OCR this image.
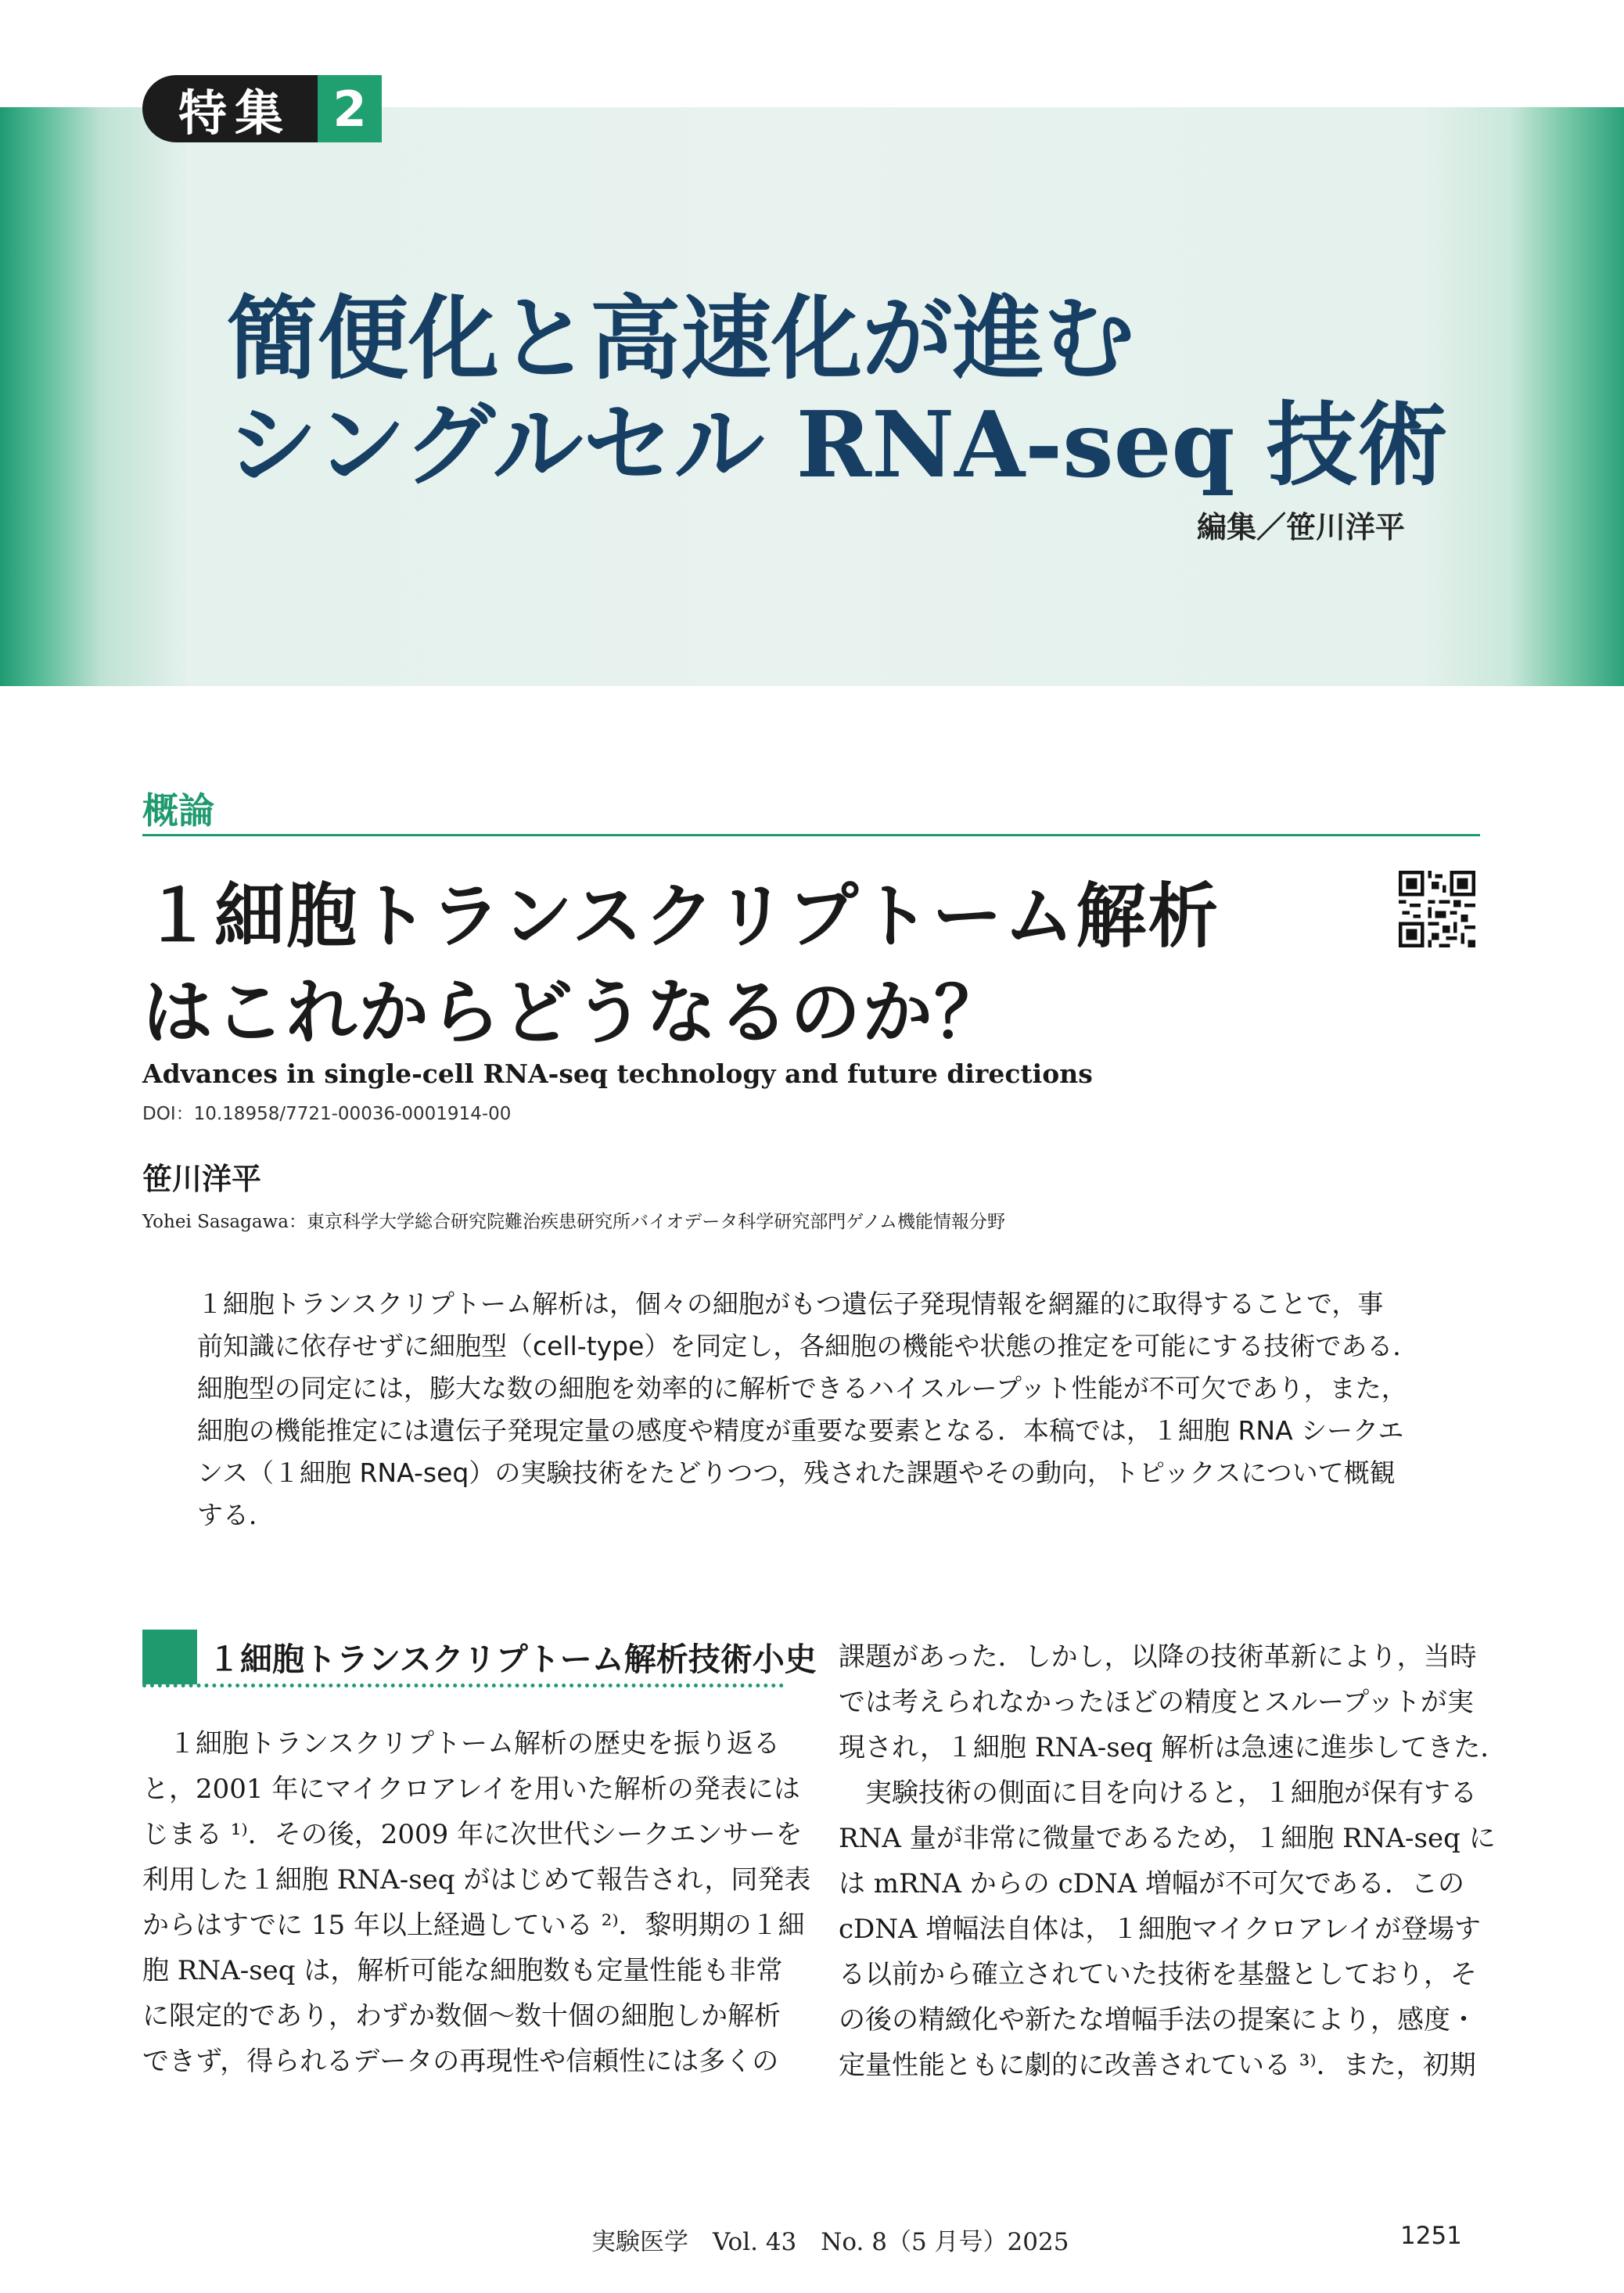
特集 2
簡便化と高速化が進む
シングルセル RNA-seq 技術
編集／笹川洋平
概論
１細胞トランスクリプトーム解析
はこれからどうなるのか？
Advances in single-cell RNA-seq technology and future directions
DOI：10.18958/7721-00036-0001914-00
笹川洋平
Yohei Sasagawa：東京科学大学総合研究院難治疾患研究所バイオデータ科学研究部門ゲノム機能情報分野
１細胞トランスクリプトーム解析は，個々の細胞がもつ遺伝子発現情報を網羅的に取得することで，事
前知識に依存せずに細胞型（cell-type）を同定し，各細胞の機能や状態の推定を可能にする技術である．
細胞型の同定には，膨大な数の細胞を効率的に解析できるハイスループット性能が不可欠であり，また，
細胞の機能推定には遺伝子発現定量の感度や精度が重要な要素となる．本稿では，１細胞 RNA シークエ
ンス（１細胞 RNA-seq）の実験技術をたどりつつ，残された課題やその動向，トピックスについて概観
する．
１細胞トランスクリプトーム解析技術小史
　１細胞トランスクリプトーム解析の歴史を振り返る
と，2001 年にマイクロアレイを用いた解析の発表には
じまる ¹⁾．その後，2009 年に次世代シークエンサーを
利用した１細胞 RNA-seq がはじめて報告され，同発表
からはすでに 15 年以上経過している ²⁾．黎明期の１細
胞 RNA-seq は，解析可能な細胞数も定量性能も非常
に限定的であり，わずか数個〜数十個の細胞しか解析
できず，得られるデータの再現性や信頼性には多くの
課題があった．しかし，以降の技術革新により，当時
では考えられなかったほどの精度とスループットが実
現され，１細胞 RNA-seq 解析は急速に進歩してきた．
　実験技術の側面に目を向けると，１細胞が保有する
RNA 量が非常に微量であるため，１細胞 RNA-seq に
は mRNA からの cDNA 増幅が不可欠である．この
cDNA 増幅法自体は，１細胞マイクロアレイが登場す
る以前から確立されていた技術を基盤としており，そ
の後の精緻化や新たな増幅手法の提案により，感度・
定量性能ともに劇的に改善されている ³⁾．また，初期
実験医学　Vol. 43　No. 8（5 月号）2025	1251
